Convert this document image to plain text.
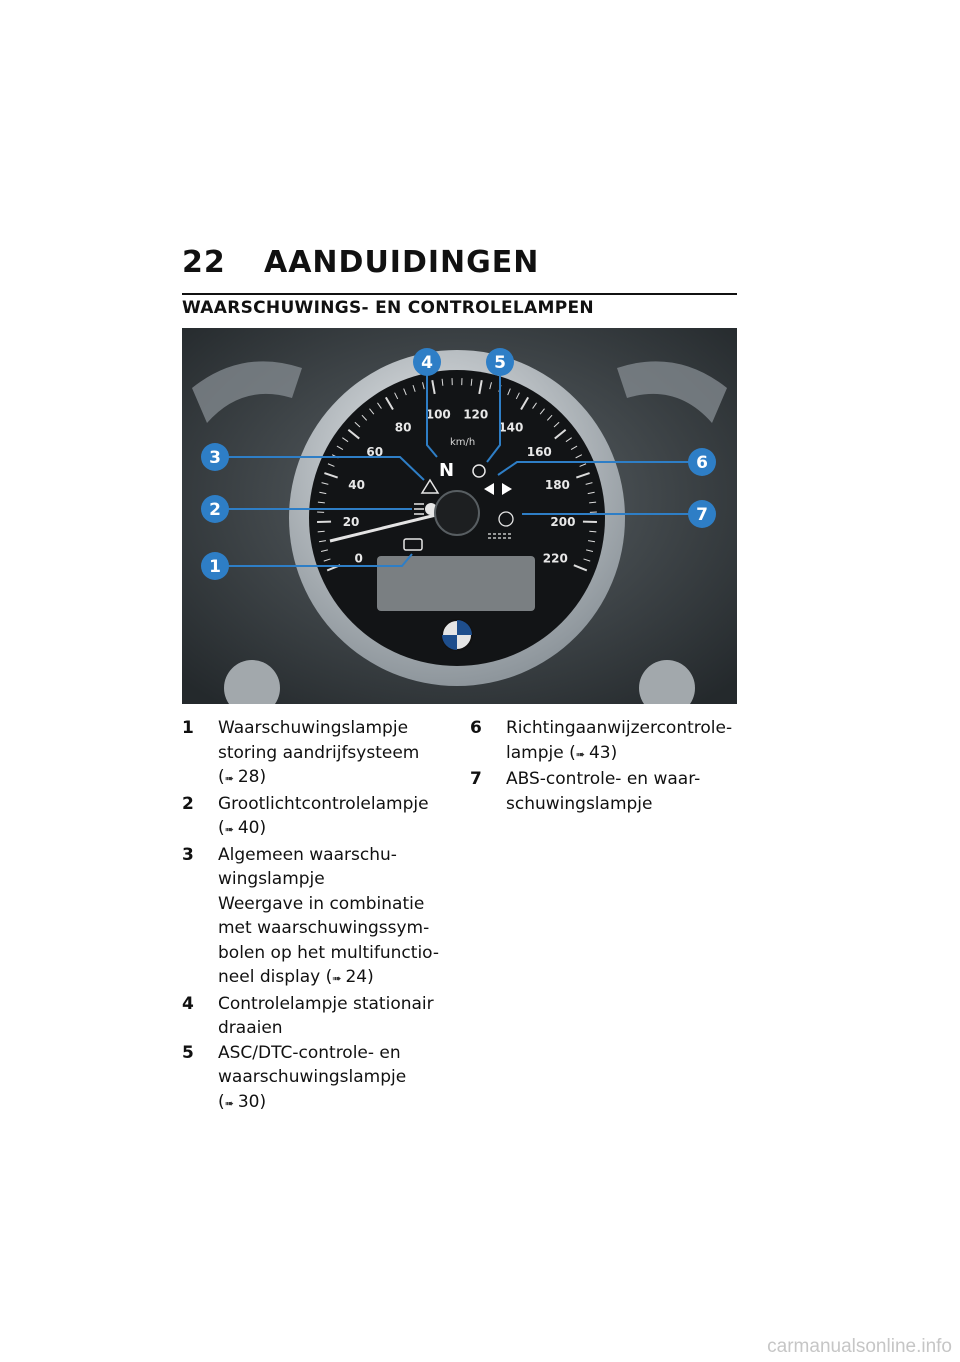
22	AANDUIDINGEN
WAARSCHUWINGS- EN CONTROLELAMPEN
0
20
40
60
80
100 120
140
160
180
200
220
km/h
N
1
2
3
4	5
6
7
1	Waarschuwingslampje
storing aandrijfsysteem (➠ 28)
2	Grootlichtcontrolelampje (➠ 40)
3	Algemeen waarschu-
wingslampje
Weergave in combinatie
met waarschuwingssym-
bolen op het multifunctio-
neel display (➠ 24)
4	Controlelampje stationair
draaien
5	ASC/DTC-controle- en
waarschuwingslampje (➠ 30)
6	Richtingaanwijzercontrole-
lampje (➠ 43)
7	ABS-controle- en waar-
schuwingslampje
carmanualsonline.info
